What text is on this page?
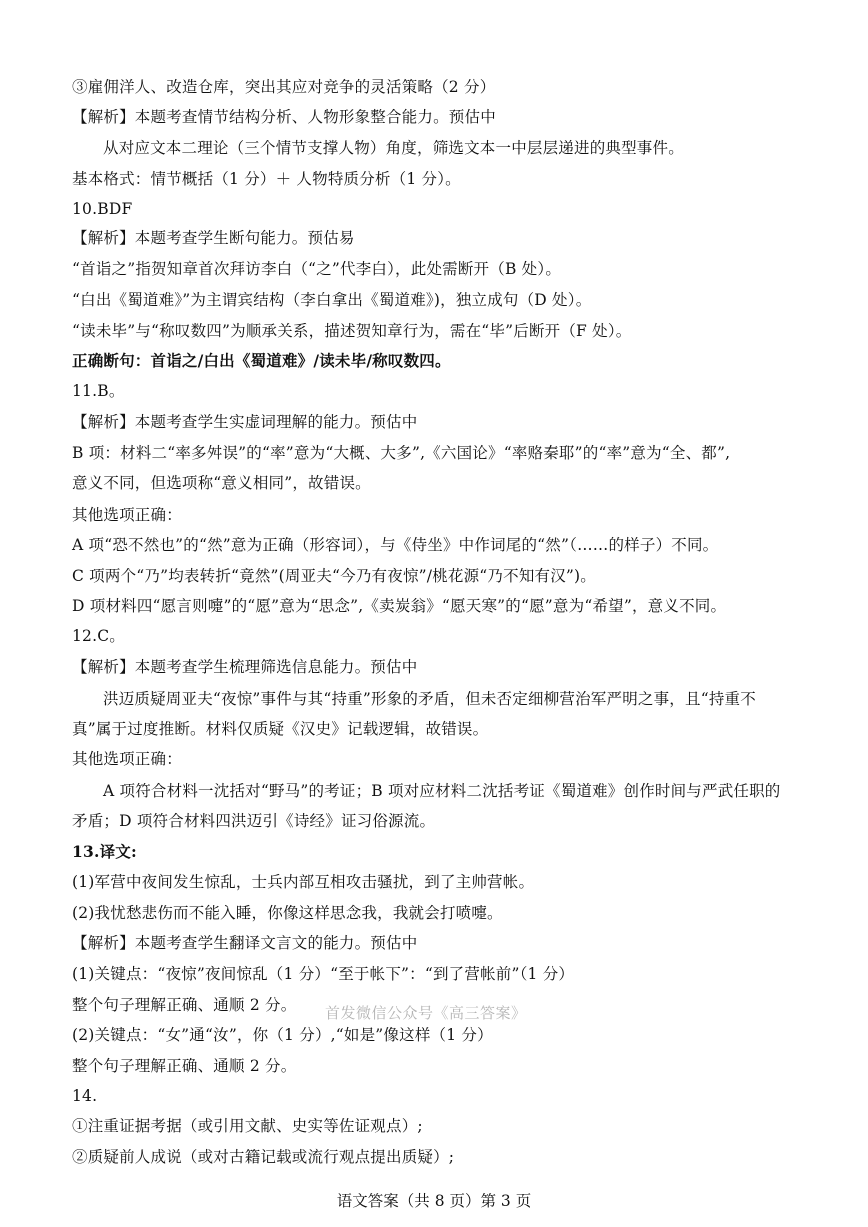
③雇佣洋人、改造仓库，突出其应对竞争的灵活策略（2 分）
【解析】本题考查情节结构分析、人物形象整合能力。预估中
从对应文本二理论（三个情节支撑人物）角度，筛选文本一中层层递进的典型事件。
基本格式：情节概括（1 分）＋ 人物特质分析（1 分）。
10.BDF
【解析】本题考查学生断句能力。预估易
“首诣之”指贺知章首次拜访李白（“之”代李白），此处需断开（B 处）。
“白出《蜀道难》”为主谓宾结构（李白拿出《蜀道难》)，独立成句（D 处）。
“读未毕”与“称叹数四”为顺承关系，描述贺知章行为，需在“毕”后断开（F 处）。
正确断句：首诣之/白出《蜀道难》/读未毕/称叹数四。
11.B。
【解析】本题考查学生实虚词理解的能力。预估中
B 项：材料二“率多舛误”的“率”意为“大概、大多”,《六国论》“率赂秦耶”的“率”意为“全、都”,
意义不同，但选项称“意义相同”，故错误。
其他选项正确：
A 项“恐不然也”的“然”意为正确（形容词），与《侍坐》中作词尾的“然”（……的样子）不同。
C 项两个“乃”均表转折“竟然”(周亚夫“今乃有夜惊”/桃花源“乃不知有汉”)。
D 项材料四“愿言则嚏”的“愿”意为“思念”,《卖炭翁》“愿天寒”的“愿”意为“希望”，意义不同。
12.C。
【解析】本题考查学生梳理筛选信息能力。预估中
洪迈质疑周亚夫“夜惊”事件与其“持重”形象的矛盾，但未否定细柳营治军严明之事，且“持重不
真”属于过度推断。材料仅质疑《汉史》记载逻辑，故错误。
其他选项正确：
A 项符合材料一沈括对“野马”的考证；B 项对应材料二沈括考证《蜀道难》创作时间与严武任职的
矛盾；D 项符合材料四洪迈引《诗经》证习俗源流。
13.译文:
(1)军营中夜间发生惊乱，士兵内部互相攻击骚扰，到了主帅营帐。
(2)我忧愁悲伤而不能入睡，你像这样思念我，我就会打喷嚏。
【解析】本题考查学生翻译文言文的能力。预估中
(1)关键点：“夜惊”夜间惊乱（1 分）“至于帐下”：“到了营帐前”（1 分）
整个句子理解正确、通顺 2 分。
(2)关键点：“女”通“汝”，你（1 分）,“如是”像这样（1 分）
整个句子理解正确、通顺 2 分。
14.
①注重证据考据（或引用文献、史实等佐证观点）;
②质疑前人成说（或对古籍记载或流行观点提出质疑）;
首发微信公众号《高三答案》
语文答案（共 8 页）第 3 页
